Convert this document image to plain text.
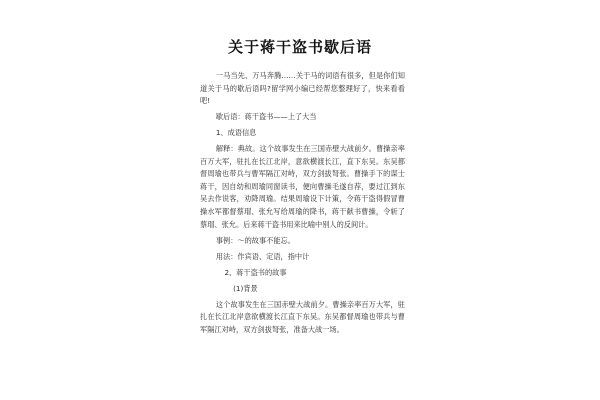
关于蒋干盗书歇后语

一马当先、万马奔腾……关于马的词语有很多，但是你们知道关于马的歇后语吗?留学网小编已经帮您整理好了，快来看看吧!

歇后语：蒋干盗书——上了大当

1、成语信息

解释：典故。这个故事发生在三国赤壁大战前夕。曹操亲率百万大军，驻扎在长江北岸，意欲横渡长江，直下东吴。东吴都督周瑜也带兵与曹军隔江对峙，双方剑拔弩张。曹操手下的谋士蒋干，因自幼和周瑜同窗读书，便向曹操毛遂自荐，要过江到东吴去作说客，劝降周瑜。结果周瑜设下计策，令蒋干盗得假冒曹操水军都督蔡瑁、张允写给周瑜的降书，蒋干献书曹操，令斩了蔡瑁、张允。后来蒋干盗书用来比喻中别人的反间计。

事例：～的故事不能忘。

用法：作宾语、定语，指中计

2、蒋干盗书的故事

(1)背景

这个故事发生在三国赤壁大战前夕。曹操亲率百万大军，驻扎在长江北岸意欲横渡长江直下东吴。东吴都督周瑜也带兵与曹军隔江对峙，双方剑拔弩张，准备大战一场。
